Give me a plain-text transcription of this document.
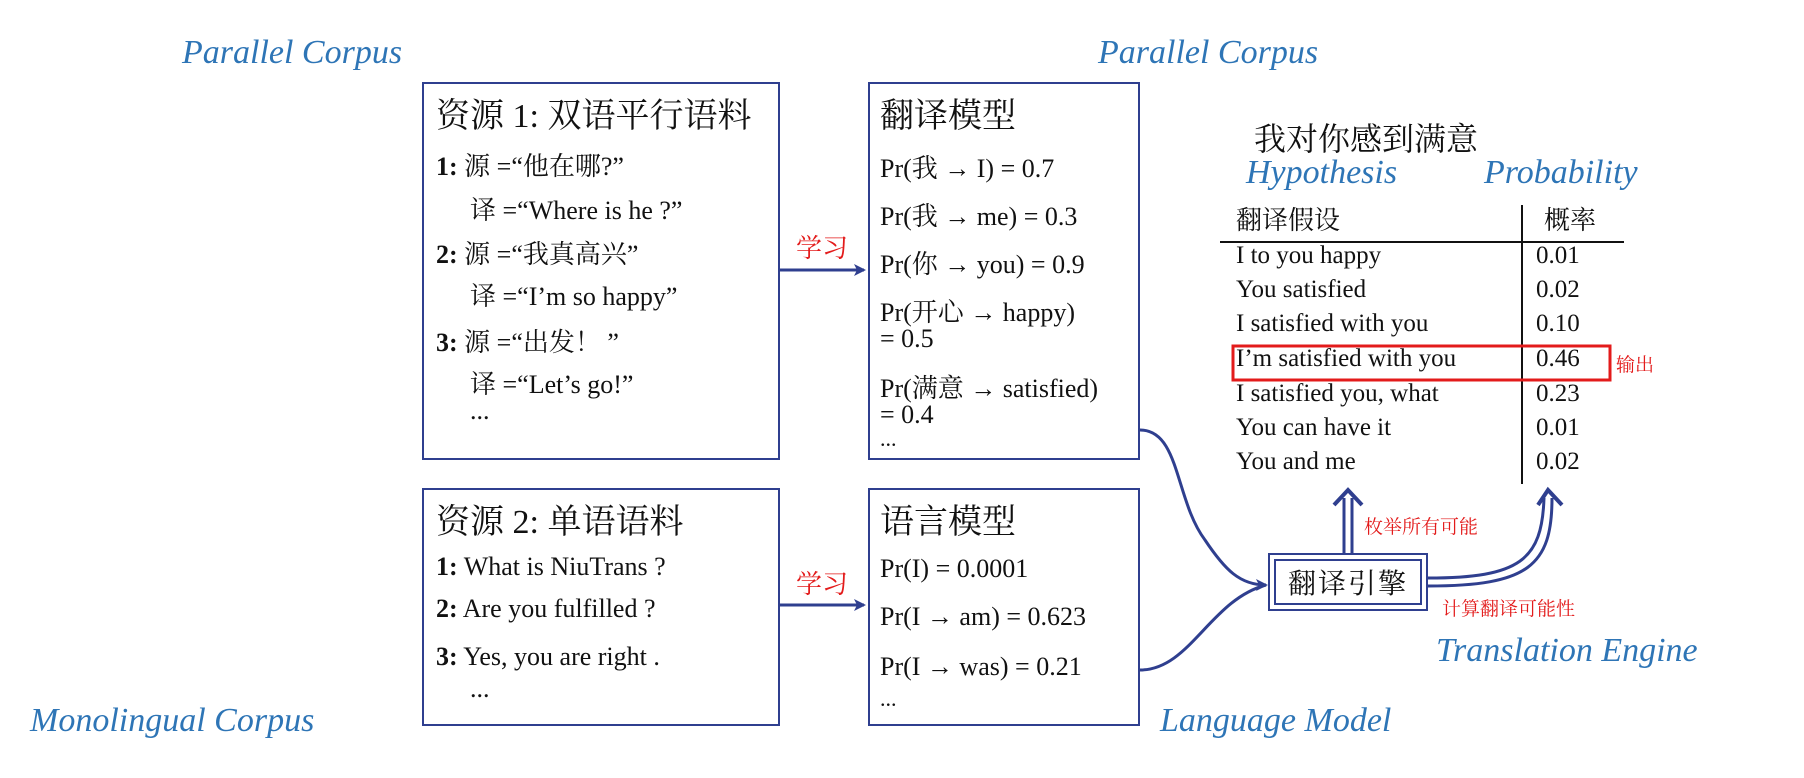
Parallel Corpus	Parallel Corpus
Monolingual Corpus	Language Model
Hypothesis	Probability
Translation Engine
资源 1: 双语平行语料
1: 源 =“他在哪?”
译 =“Where is he ?”
2: 源 =“我真高兴”
译 =“I’m so happy”
3: 源 =“出发！ ”
译 =“Let’s go!”
...
资源 2: 单语语料
1: What is NiuTrans ?
2: Are you fulfilled ?
3: Yes, you are right .
...
学习
学习
翻译模型
Pr(我 → I) = 0.7
Pr(我 → me) = 0.3
Pr(你 → you) = 0.9
Pr(开心 → happy)
= 0.5
Pr(满意 → satisfied)
= 0.4
...
语言模型
Pr(I) = 0.0001
Pr(I → am) = 0.623
Pr(I → was) = 0.21
...
我对你感到满意
翻译假设	概率
I to you happy	0.01
You satisfied	0.02
I satisfied with you	0.10
I’m satisfied with you	0.46
I satisfied you, what	0.23
You can have it	0.01
You and me	0.02
输出
枚举所有可能
计算翻译可能性
翻译引擎
